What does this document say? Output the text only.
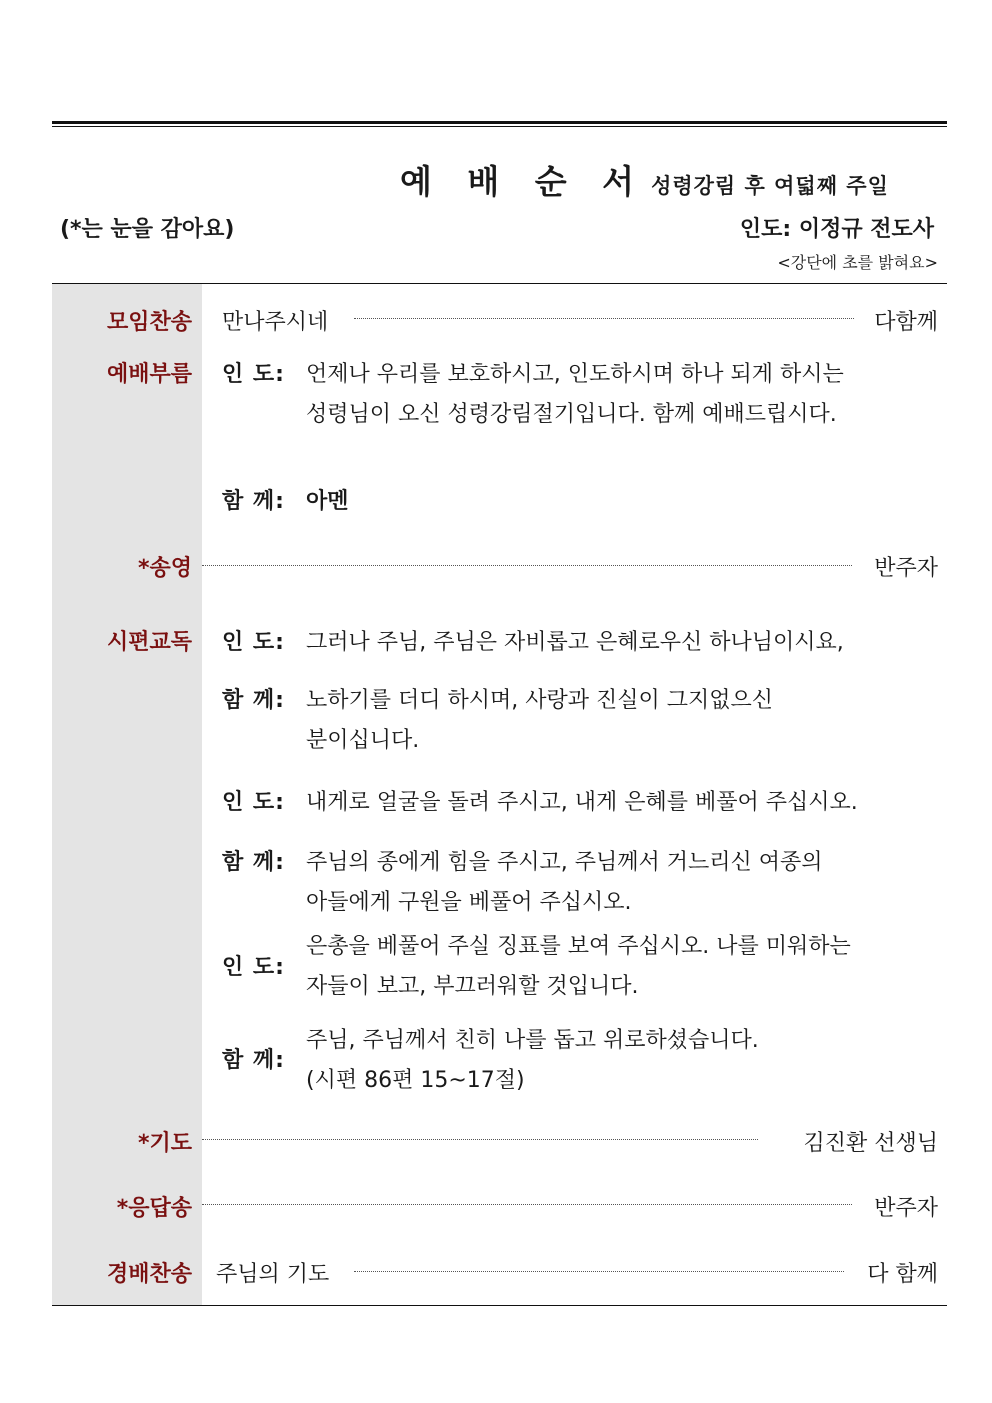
예 배 순 서 성령강림 후 여덟째 주일
(*는 눈을 감아요)	인도: 이정규 전도사
<강단에 초를 밝혀요>
모임찬송 만나주시네	다함께
예배부름 인 도: 언제나 우리를 보호하시고, 인도하시며 하나 되게 하시는
성령님이 오신 성령강림절기입니다. 함께 예배드립시다.
함 께: 아멘
*송영	반주자
시편교독 인 도: 그러나 주님, 주님은 자비롭고 은혜로우신 하나님이시요,
함 께: 노하기를 더디 하시며, 사랑과 진실이 그지없으신
분이십니다.
인 도: 내게로 얼굴을 돌려 주시고, 내게 은혜를 베풀어 주십시오.
함 께: 주님의 종에게 힘을 주시고, 주님께서 거느리신 여종의
아들에게 구원을 베풀어 주십시오.
인 도:
은총을 베풀어 주실 징표를 보여 주십시오. 나를 미워하는
자들이 보고, 부끄러워할 것입니다.
함 께:
주님, 주님께서 친히 나를 돕고 위로하셨습니다.
(시편 86편 15~17절)
*기도	김진환 선생님
*응답송	반주자
경배찬송 주님의 기도	다 함께
